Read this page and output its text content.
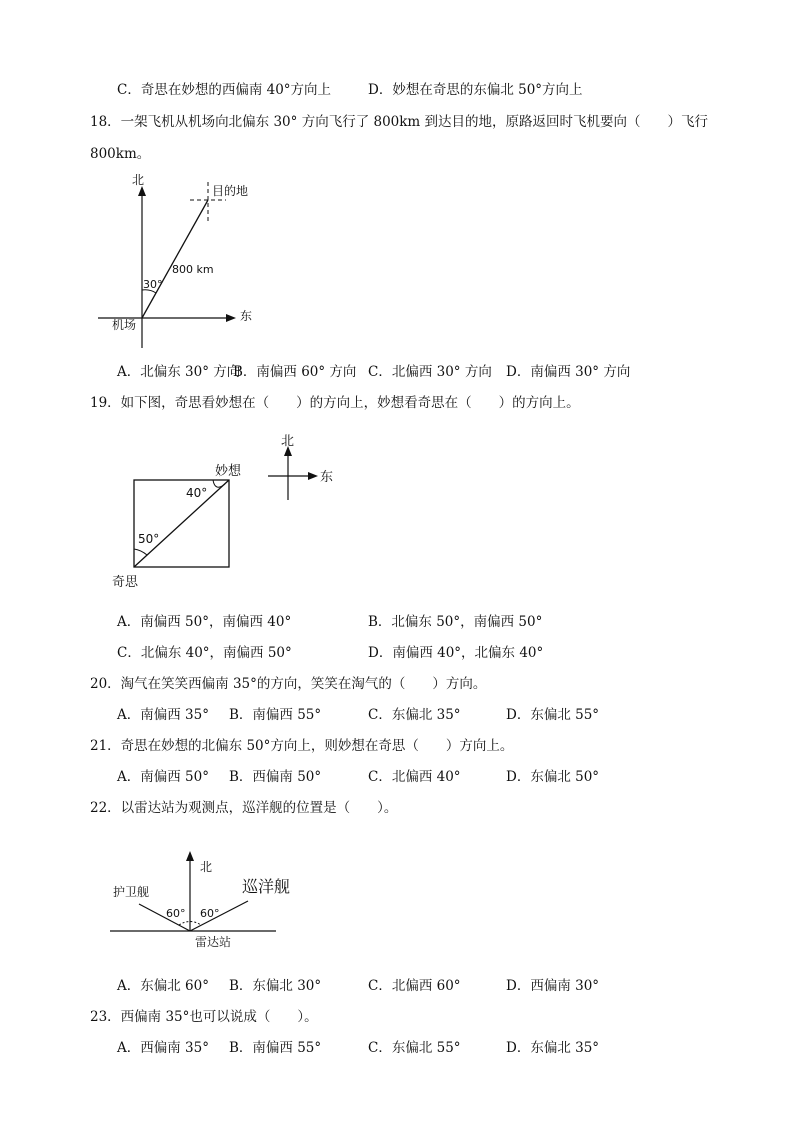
C．奇思在妙想的西偏南 40°方向上	D．妙想在奇思的东偏北 50°方向上
18．一架飞机从机场向北偏东 30° 方向飞行了 800km 到达目的地，原路返回时飞机要向（　　）飞行
800km。
北
东
目的地
机场
800 km
30°
A．北偏东 30° 方向
B．南偏西 60° 方向 C．北偏西 30° 方向 D．南偏西 30° 方向
19．如下图，奇思看妙想在（　　）的方向上，妙想看奇思在（　　）的方向上。
妙想
奇思
40°
50°
北
东
A．南偏西 50°，南偏西 40°	B．北偏东 50°，南偏西 50°
C．北偏东 40°，南偏西 50°	D．南偏西 40°，北偏东 40°
20．淘气在笑笑西偏南 35°的方向，笑笑在淘气的（　　）方向。
A．南偏西 35° B．南偏西 55°	C．东偏北 35°	D．东偏北 55°
21．奇思在妙想的北偏东 50°方向上，则妙想在奇思（　　）方向上。
A．南偏西 50° B．西偏南 50°	C．北偏西 40°	D．东偏北 50°
22．以雷达站为观测点，巡洋舰的位置是（　　）。
北
护卫舰	巡洋舰
60° 60°
雷达站
A．东偏北 60° B．东偏北 30°	C．北偏西 60°	D．西偏南 30°
23．西偏南 35°也可以说成（　　）。
A．西偏南 35° B．南偏西 55°	C．东偏北 55°	D．东偏北 35°
